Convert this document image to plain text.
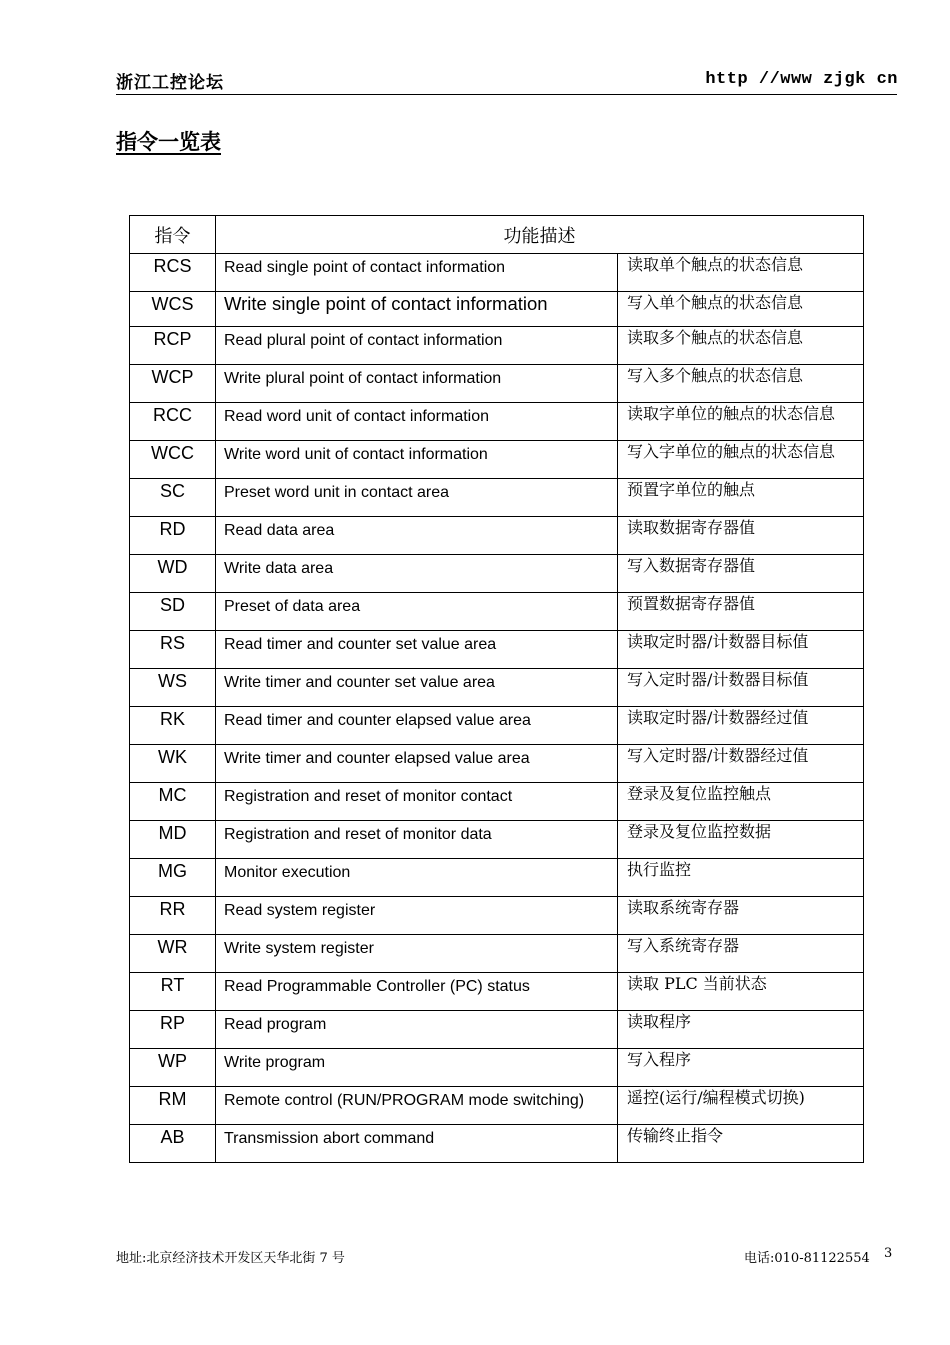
浙江工控论坛	http //www zjgk cn
指令一览表
指令	功能描述	
RCS	Read single point of contact information	读取单个触点的状态信息
WCS	Write single point of contact information	写入单个触点的状态信息
RCP	Read plural point of contact information	读取多个触点的状态信息
WCP	Write plural point of contact information	写入多个触点的状态信息
RCC	Read word unit of contact information	读取字单位的触点的状态信息
WCC	Write word unit of contact information	写入字单位的触点的状态信息
SC	Preset word unit in contact area	预置字单位的触点
RD	Read data area	读取数据寄存器值
WD	Write data area	写入数据寄存器值
SD	Preset of data area	预置数据寄存器值
RS	Read timer and counter set value area	读取定时器/计数器目标值
WS	Write timer and counter set value area	写入定时器/计数器目标值
RK	Read timer and counter elapsed value area	读取定时器/计数器经过值
WK	Write timer and counter elapsed value area	写入定时器/计数器经过值
MC	Registration and reset of monitor contact	登录及复位监控触点
MD	Registration and reset of monitor data	登录及复位监控数据
MG	Monitor execution	执行监控
RR	Read system register	读取系统寄存器
WR	Write system register	写入系统寄存器
RT	Read Programmable Controller (PC) status	读取 PLC 当前状态
RP	Read program	读取程序
WP	Write program	写入程序
RM	Remote control (RUN/PROGRAM mode switching)	遥控(运行/编程模式切换)
AB	Transmission abort command	传输终止指令
地址:北京经济技术开发区天华北街 7 号	电话:010-81122554 3
